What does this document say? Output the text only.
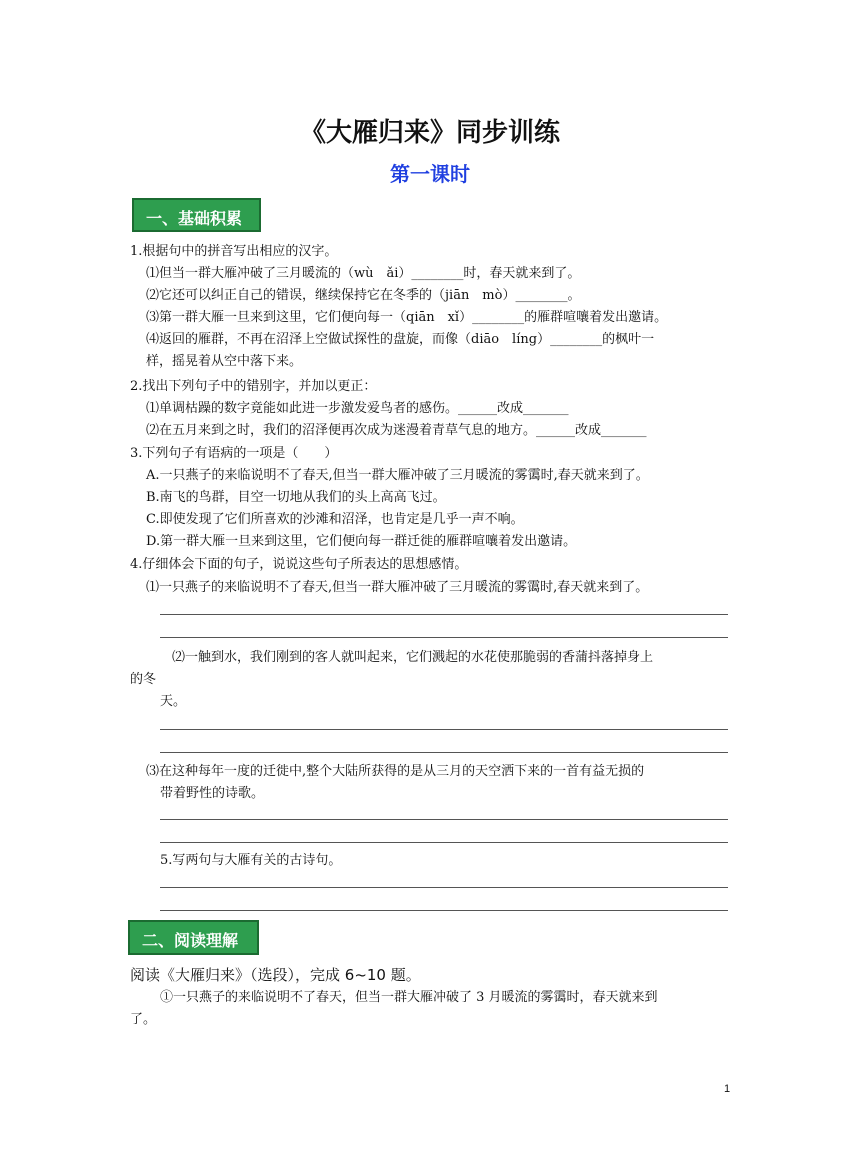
《大雁归来》同步训练
第一课时
一、基础积累
1.根据句中的拼音写出相应的汉字。
⑴但当一群大雁冲破了三月暖流的（wù　ǎi）________时，春天就来到了。
⑵它还可以纠正自己的错误，继续保持它在冬季的（jiān　mò）________。
⑶第一群大雁一旦来到这里，它们便向每一（qiān　xǐ）________的雁群喧嚷着发出邀请。
⑷返回的雁群，不再在沼泽上空做试探性的盘旋，而像（diāo　líng）________的枫叶一
样，摇晃着从空中落下来。
2.找出下列句子中的错别字，并加以更正：
⑴单调枯躁的数字竟能如此进一步激发爱鸟者的感伤。______改成_______
⑵在五月来到之时，我们的沼泽便再次成为迷漫着青草气息的地方。______改成_______
3.下列句子有语病的一项是（　　）
A.一只燕子的来临说明不了春天,但当一群大雁冲破了三月暖流的雾霭时,春天就来到了。
B.南飞的鸟群，目空一切地从我们的头上高高飞过。
C.即使发现了它们所喜欢的沙滩和沼泽，也肯定是几乎一声不响。
D.第一群大雁一旦来到这里，它们便向每一群迁徙的雁群喧嚷着发出邀请。
4.仔细体会下面的句子，说说这些句子所表达的思想感情。
⑴一只燕子的来临说明不了春天,但当一群大雁冲破了三月暖流的雾霭时,春天就来到了。
⑵一触到水，我们刚到的客人就叫起来，它们溅起的水花使那脆弱的香蒲抖落掉身上
的冬
天。
⑶在这种每年一度的迁徙中,整个大陆所获得的是从三月的天空洒下来的一首有益无损的
带着野性的诗歌。
5.写两句与大雁有关的古诗句。
二、阅读理解
阅读《大雁归来》（选段），完成 6~10 题。
①一只燕子的来临说明不了春天，但当一群大雁冲破了 3 月暖流的雾霭时，春天就来到
了。
1
